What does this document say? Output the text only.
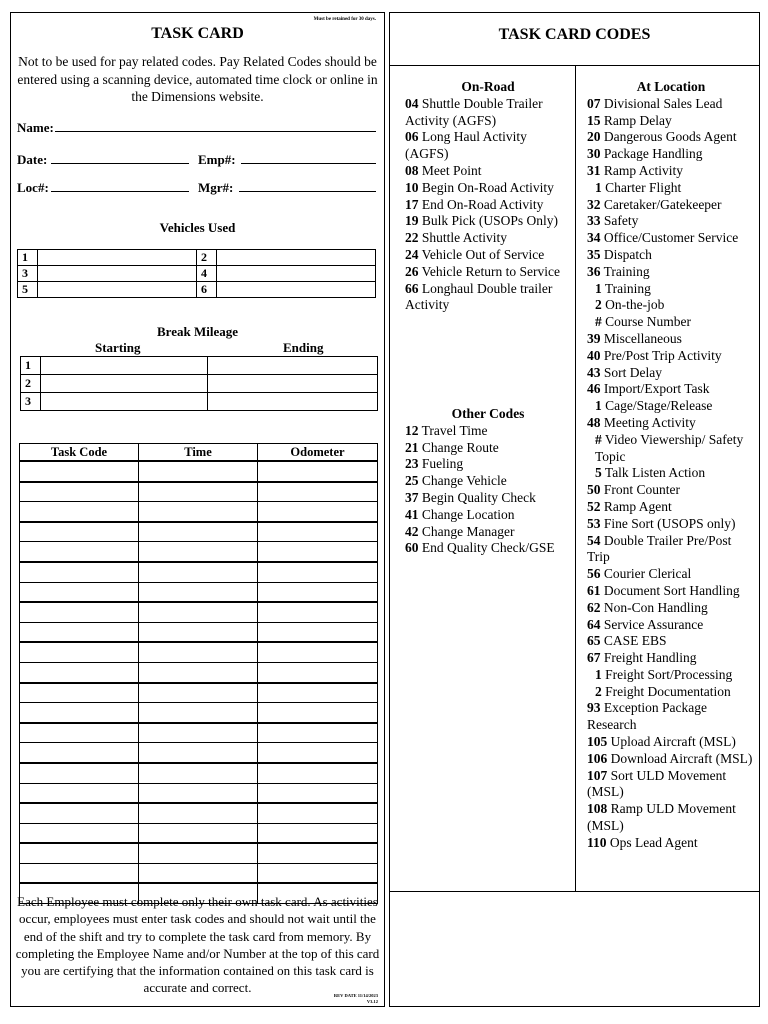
Must be retained for 30 days.
TASK CARD
Not to be used for pay related codes. Pay Related Codes should be entered using a scanning device, automated time clock or online in the Dimensions website.
Name:
Date:	Emp#:
Loc#:	Mgr#:
Vehicles Used
1		2	
3		4	
5		6	
Break Mileage
Starting	Ending
1		
2		
3		
Task Code	Time	Odometer

Each Employee must complete only their own task card. As activities occur, employees must enter task codes and should not wait until the end of the shift and try to complete the task card from memory. By completing the Employee Name and/or Number at the top of this card you are certifying that the information contained on this task card is accurate and correct.
REV DATE 11/14/2023
V3.12
TASK CARD CODES
On-Road
04 Shuttle Double Trailer Activity (AGFS)
06 Long Haul Activity (AGFS)
08 Meet Point
10 Begin On-Road Activity
17 End On-Road Activity
19 Bulk Pick (USOPs Only)
22 Shuttle Activity
24 Vehicle Out of Service
26 Vehicle Return to Service
66 Longhaul Double trailer Activity
Other Codes
12 Travel Time
21 Change Route
23 Fueling
25 Change Vehicle
37 Begin Quality Check
41 Change Location
42 Change Manager
60 End Quality Check/GSE
At Location
07 Divisional Sales Lead
15 Ramp Delay
20 Dangerous Goods Agent
30 Package Handling
31 Ramp Activity
1 Charter Flight
32 Caretaker/Gatekeeper
33 Safety
34 Office/Customer Service
35 Dispatch
36 Training
1 Training
2 On-the-job
# Course Number
39 Miscellaneous
40 Pre/Post Trip Activity
43 Sort Delay
46 Import/Export Task
1 Cage/Stage/Release
48 Meeting Activity
# Video Viewership/ Safety Topic
5 Talk Listen Action
50 Front Counter
52 Ramp Agent
53 Fine Sort (USOPS only)
54 Double Trailer Pre/Post Trip
56 Courier Clerical
61 Document Sort Handling
62 Non-Con Handling
64 Service Assurance
65 CASE EBS
67 Freight Handling
1 Freight Sort/Processing
2 Freight Documentation
93 Exception Package Research
105 Upload Aircraft (MSL)
106 Download Aircraft (MSL)
107 Sort ULD Movement (MSL)
108 Ramp ULD Movement (MSL)
110 Ops Lead Agent
